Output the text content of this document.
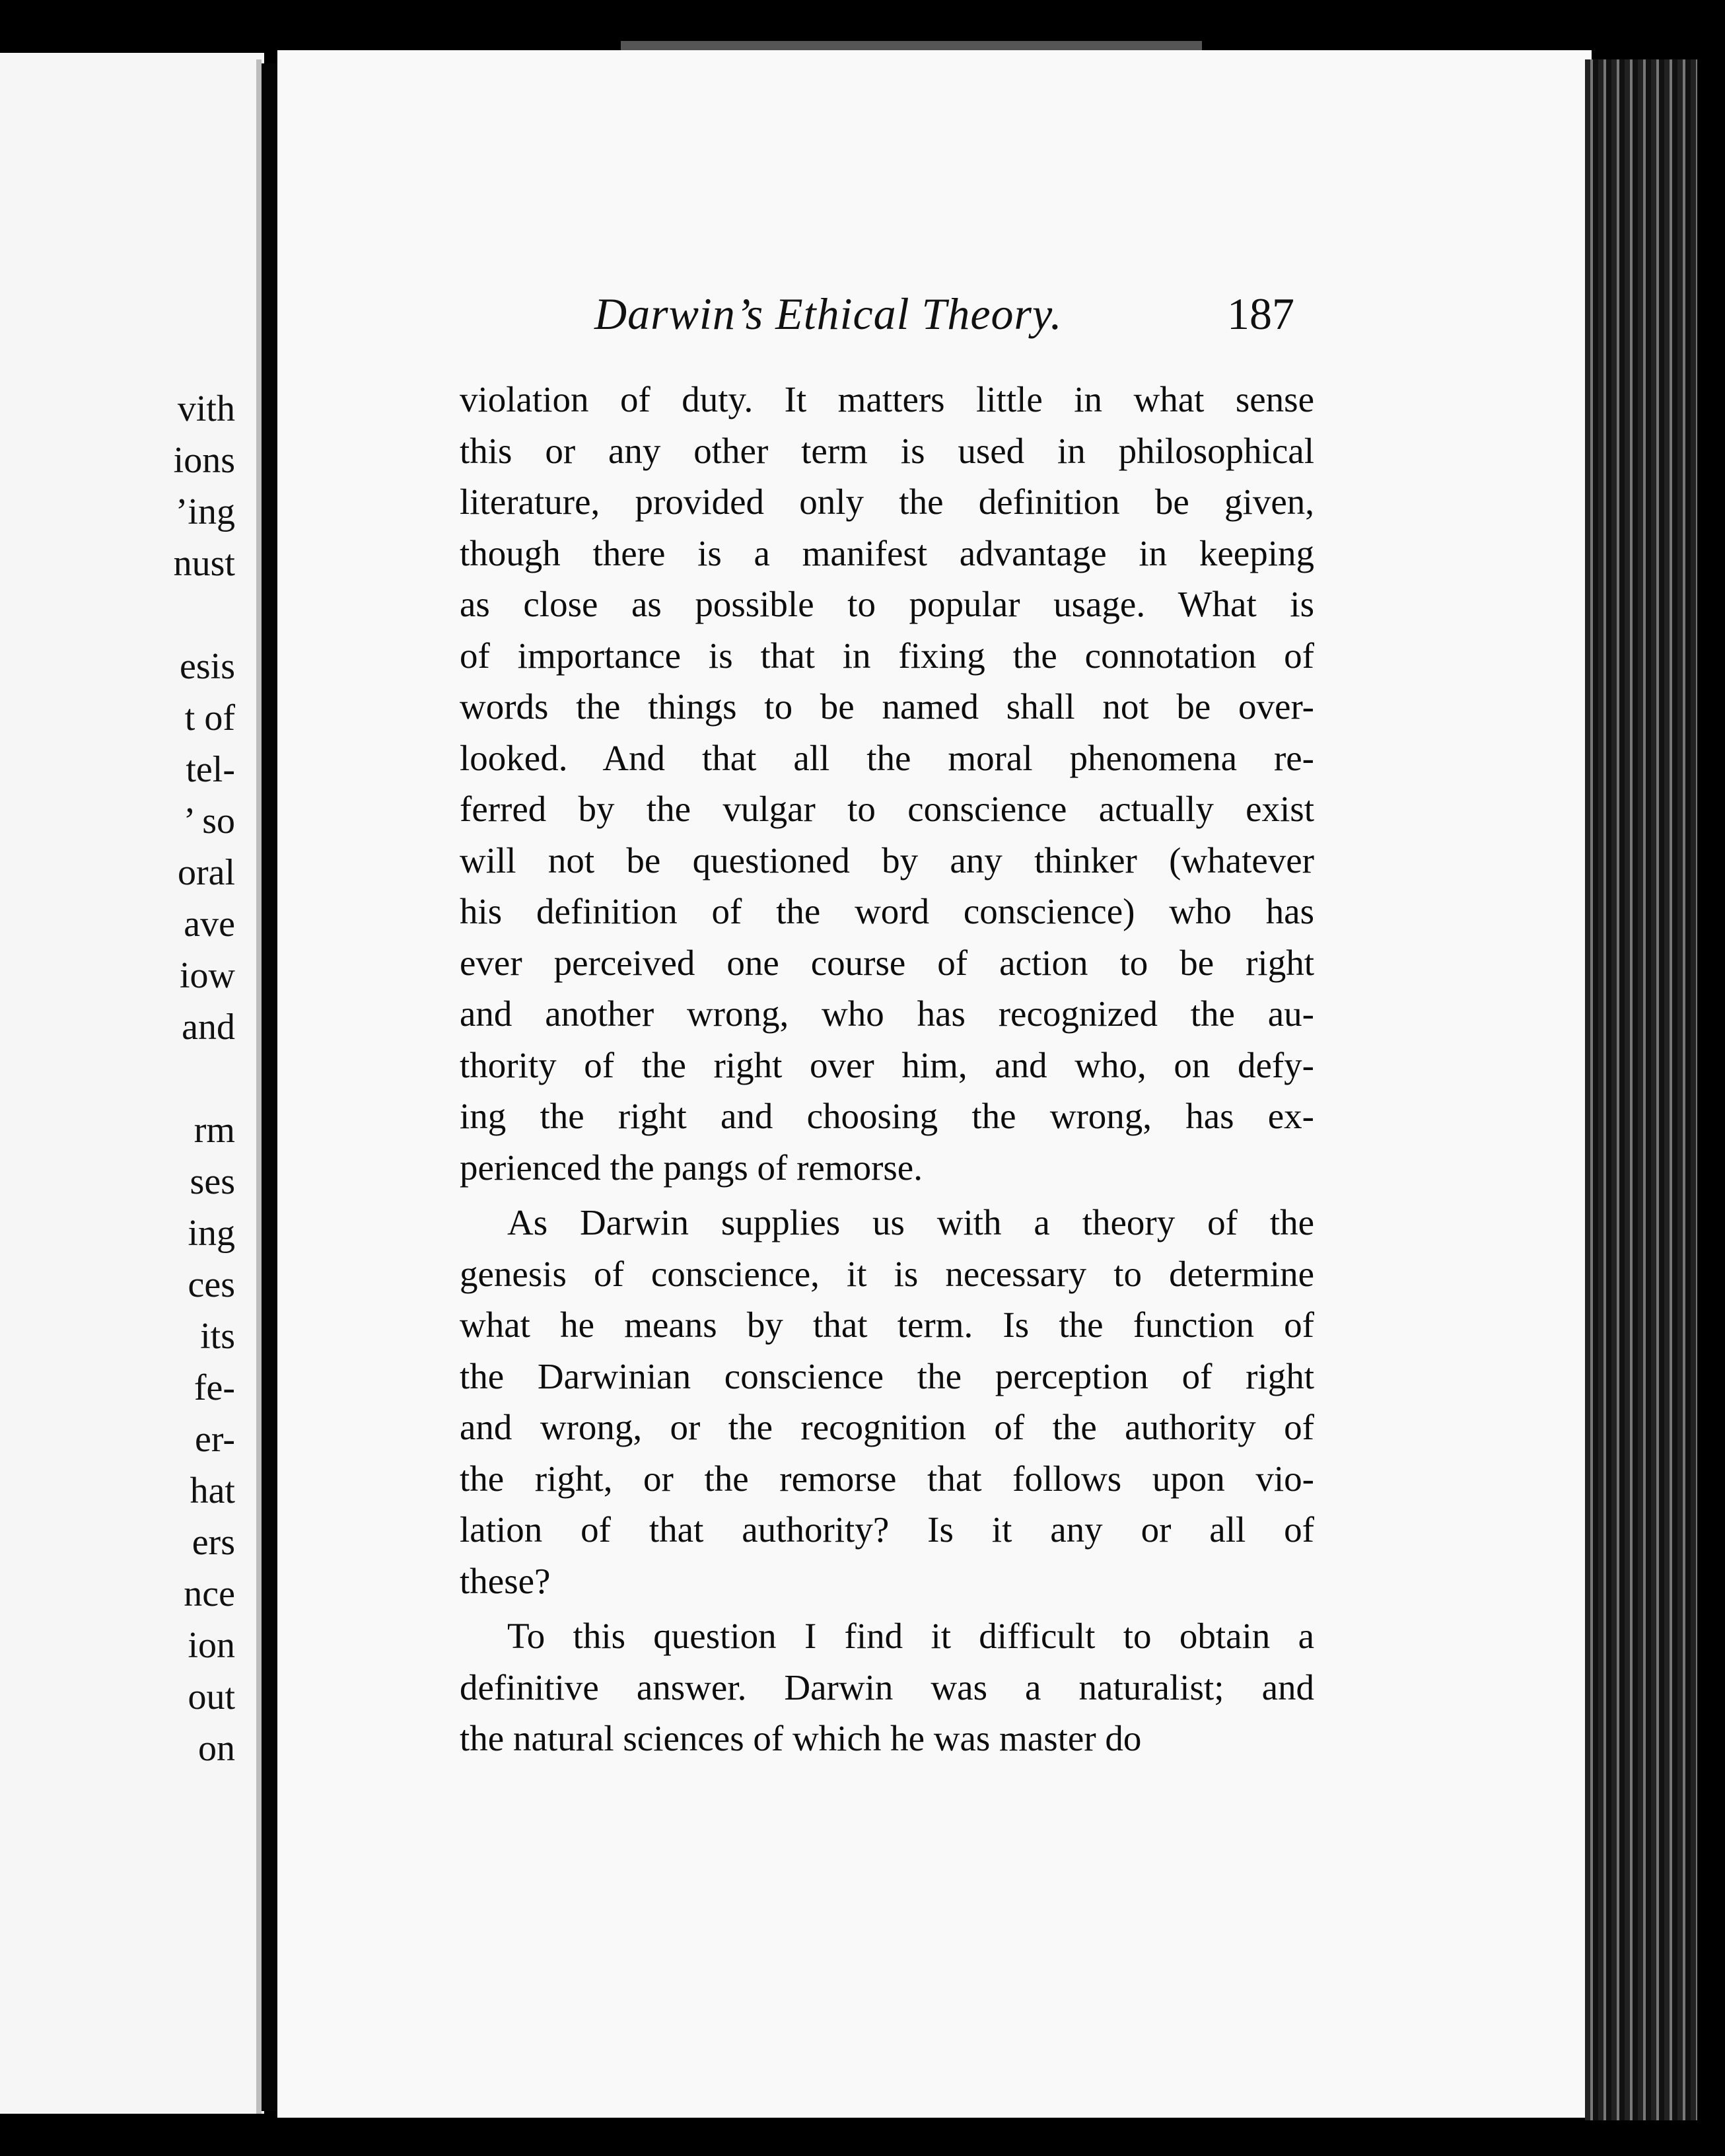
vith
ions
’ing
nust
esis
t of
tel-
’ so
oral
ave
iow
and
rm
ses
ing
ces
its
fe-
er-
hat
ers
nce
ion
out
on
Darwin’s Ethical Theory.	187

violation of duty. It matters little in what sense
this or any other term is used in philosophical
literature, provided only the definition be given,
though there is a manifest advantage in keeping
as close as possible to popular usage. What is
of importance is that in fixing the connotation of
words the things to be named shall not be over-
looked. And that all the moral phenomena re-
ferred by the vulgar to conscience actually exist
will not be questioned by any thinker (whatever
his definition of the word conscience) who has
ever perceived one course of action to be right
and another wrong, who has recognized the au-
thority of the right over him, and who, on defy-
ing the right and choosing the wrong, has ex-
perienced the pangs of remorse.

As Darwin supplies us with a theory of the
genesis of conscience, it is necessary to determine
what he means by that term. Is the function of
the Darwinian conscience the perception of right
and wrong, or the recognition of the authority of
the right, or the remorse that follows upon vio-
lation of that authority? Is it any or all of
these?

To this question I find it difficult to obtain a
definitive answer. Darwin was a naturalist; and
the natural sciences of which he was master do
